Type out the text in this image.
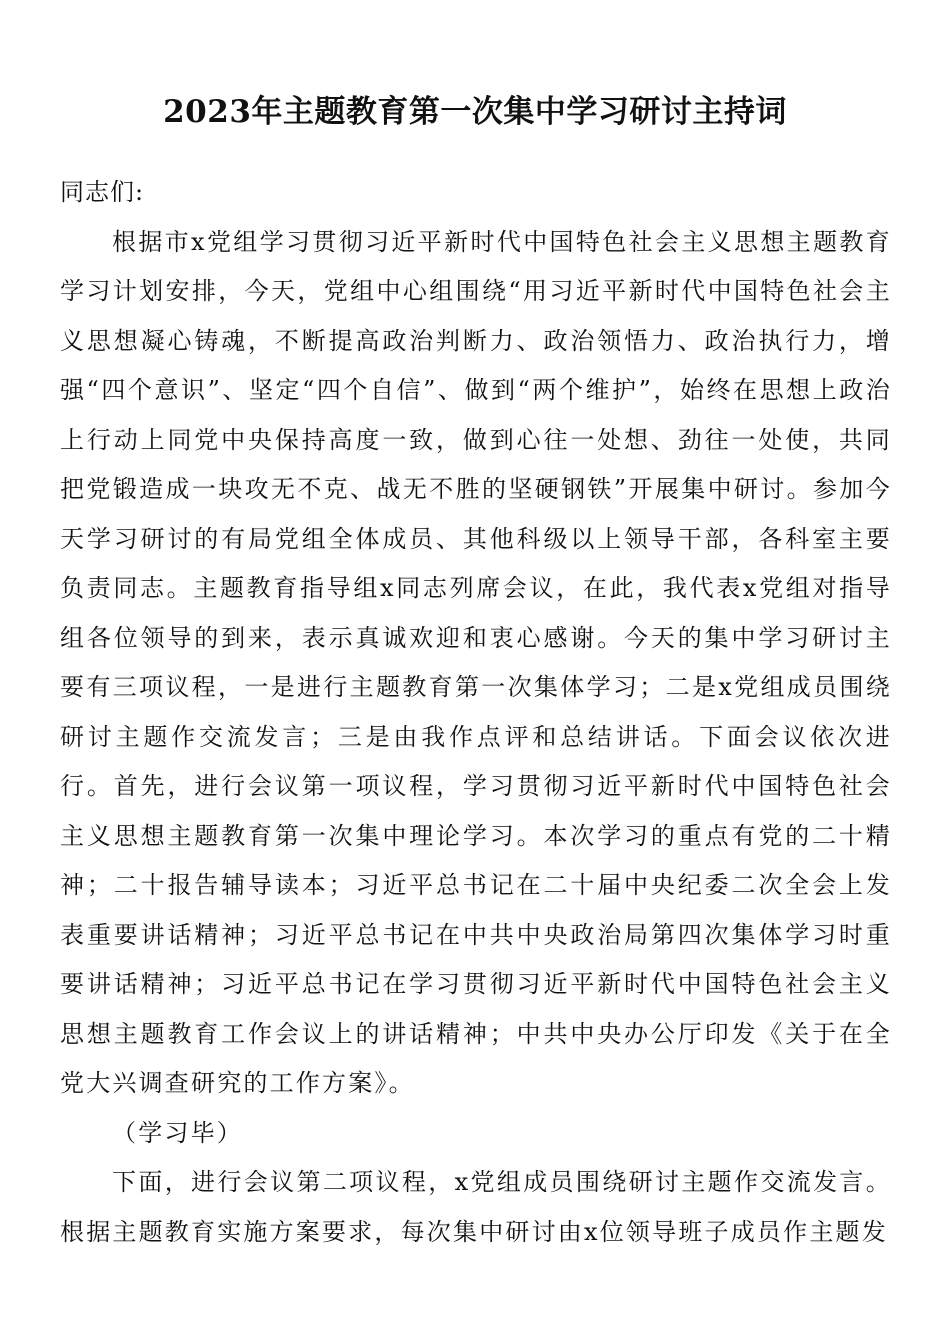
2023年主题教育第一次集中学习研讨主持词

同志们:

根据市x党组学习贯彻习近平新时代中国特色社会主义思想主题教育学习计划安排，今天，党组中心组围绕“用习近平新时代中国特色社会主义思想凝心铸魂，不断提高政治判断力、政治领悟力、政治执行力，增强“四个意识”、坚定“四个自信”、做到“两个维护”，始终在思想上政治上行动上同党中央保持高度一致，做到心往一处想、劲往一处使，共同把党锻造成一块攻无不克、战无不胜的坚硬钢铁”开展集中研讨。参加今天学习研讨的有局党组全体成员、其他科级以上领导干部，各科室主要负责同志。主题教育指导组x同志列席会议，在此，我代表x党组对指导组各位领导的到来，表示真诚欢迎和衷心感谢。今天的集中学习研讨主要有三项议程，一是进行主题教育第一次集体学习；二是x党组成员围绕研讨主题作交流发言；三是由我作点评和总结讲话。下面会议依次进行。首先，进行会议第一项议程，学习贯彻习近平新时代中国特色社会主义思想主题教育第一次集中理论学习。本次学习的重点有党的二十精神；二十报告辅导读本；习近平总书记在二十届中央纪委二次全会上发表重要讲话精神；习近平总书记在中共中央政治局第四次集体学习时重要讲话精神；习近平总书记在学习贯彻习近平新时代中国特色社会主义思想主题教育工作会议上的讲话精神；中共中央办公厅印发《关于在全党大兴调查研究的工作方案》。

（学习毕）

下面，进行会议第二项议程，x党组成员围绕研讨主题作交流发言。根据主题教育实施方案要求，每次集中研讨由x位领导班子成员作主题发
